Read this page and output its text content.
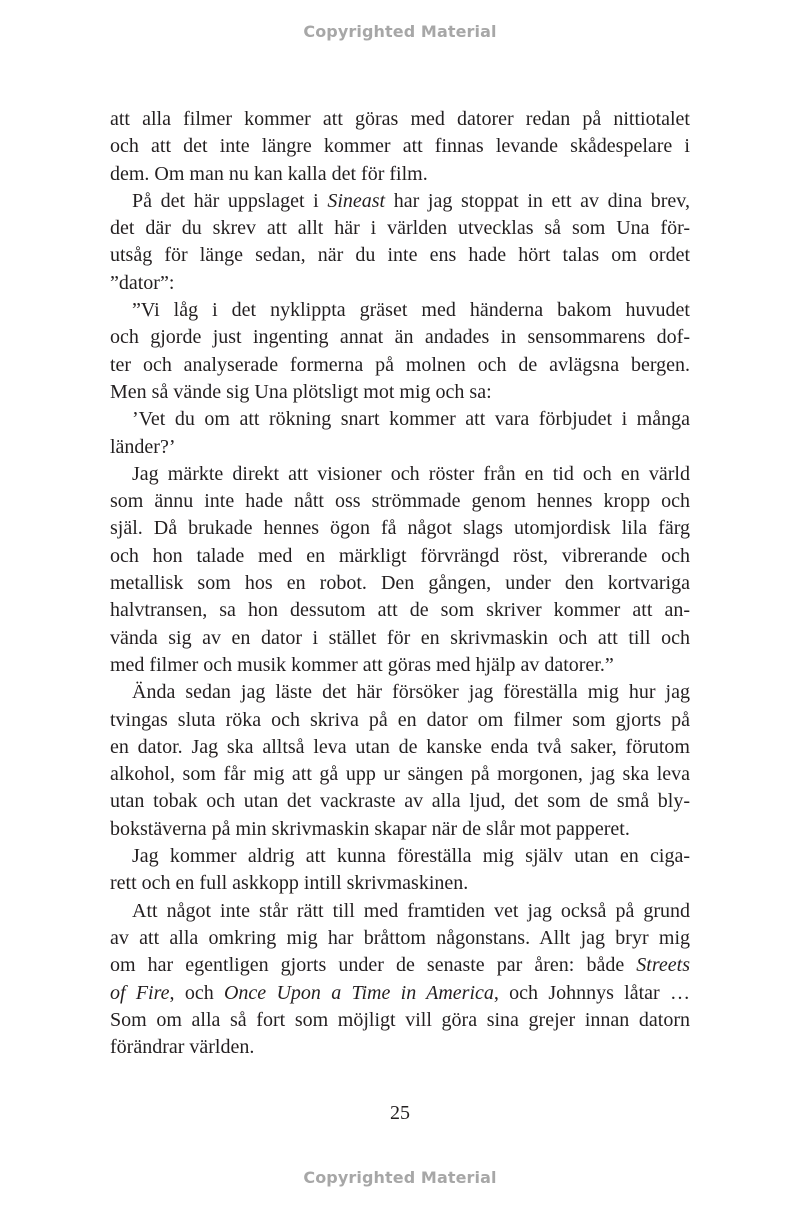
Copyrighted Material
att alla filmer kommer att göras med datorer redan på nittiotalet
och att det inte längre kommer att finnas levande skådespelare i
dem. Om man nu kan kalla det för film.
På det här uppslaget i Sineast har jag stoppat in ett av dina brev,
det där du skrev att allt här i världen utvecklas så som Una för-
utsåg för länge sedan, när du inte ens hade hört talas om ordet
”dator”:
”Vi låg i det nyklippta gräset med händerna bakom huvudet
och gjorde just ingenting annat än andades in sensommarens dof-
ter och analyserade formerna på molnen och de avlägsna bergen.
Men så vände sig Una plötsligt mot mig och sa:
’Vet du om att rökning snart kommer att vara förbjudet i många
länder?’
Jag märkte direkt att visioner och röster från en tid och en värld
som ännu inte hade nått oss strömmade genom hennes kropp och
själ. Då brukade hennes ögon få något slags utomjordisk lila färg
och hon talade med en märkligt förvrängd röst, vibrerande och
metallisk som hos en robot. Den gången, under den kortvariga
halvtransen, sa hon dessutom att de som skriver kommer att an-
vända sig av en dator i stället för en skrivmaskin och att till och
med filmer och musik kommer att göras med hjälp av datorer.”
Ända sedan jag läste det här försöker jag föreställa mig hur jag
tvingas sluta röka och skriva på en dator om filmer som gjorts på
en dator. Jag ska alltså leva utan de kanske enda två saker, förutom
alkohol, som får mig att gå upp ur sängen på morgonen, jag ska leva
utan tobak och utan det vackraste av alla ljud, det som de små bly-
bokstäverna på min skrivmaskin skapar när de slår mot papperet.
Jag kommer aldrig att kunna föreställa mig själv utan en ciga-
rett och en full askkopp intill skrivmaskinen.
Att något inte står rätt till med framtiden vet jag också på grund
av att alla omkring mig har bråttom någonstans. Allt jag bryr mig
om har egentligen gjorts under de senaste par åren: både Streets
of Fire, och Once Upon a Time in America, och Johnnys låtar …
Som om alla så fort som möjligt vill göra sina grejer innan datorn
förändrar världen.
25
Copyrighted Material
